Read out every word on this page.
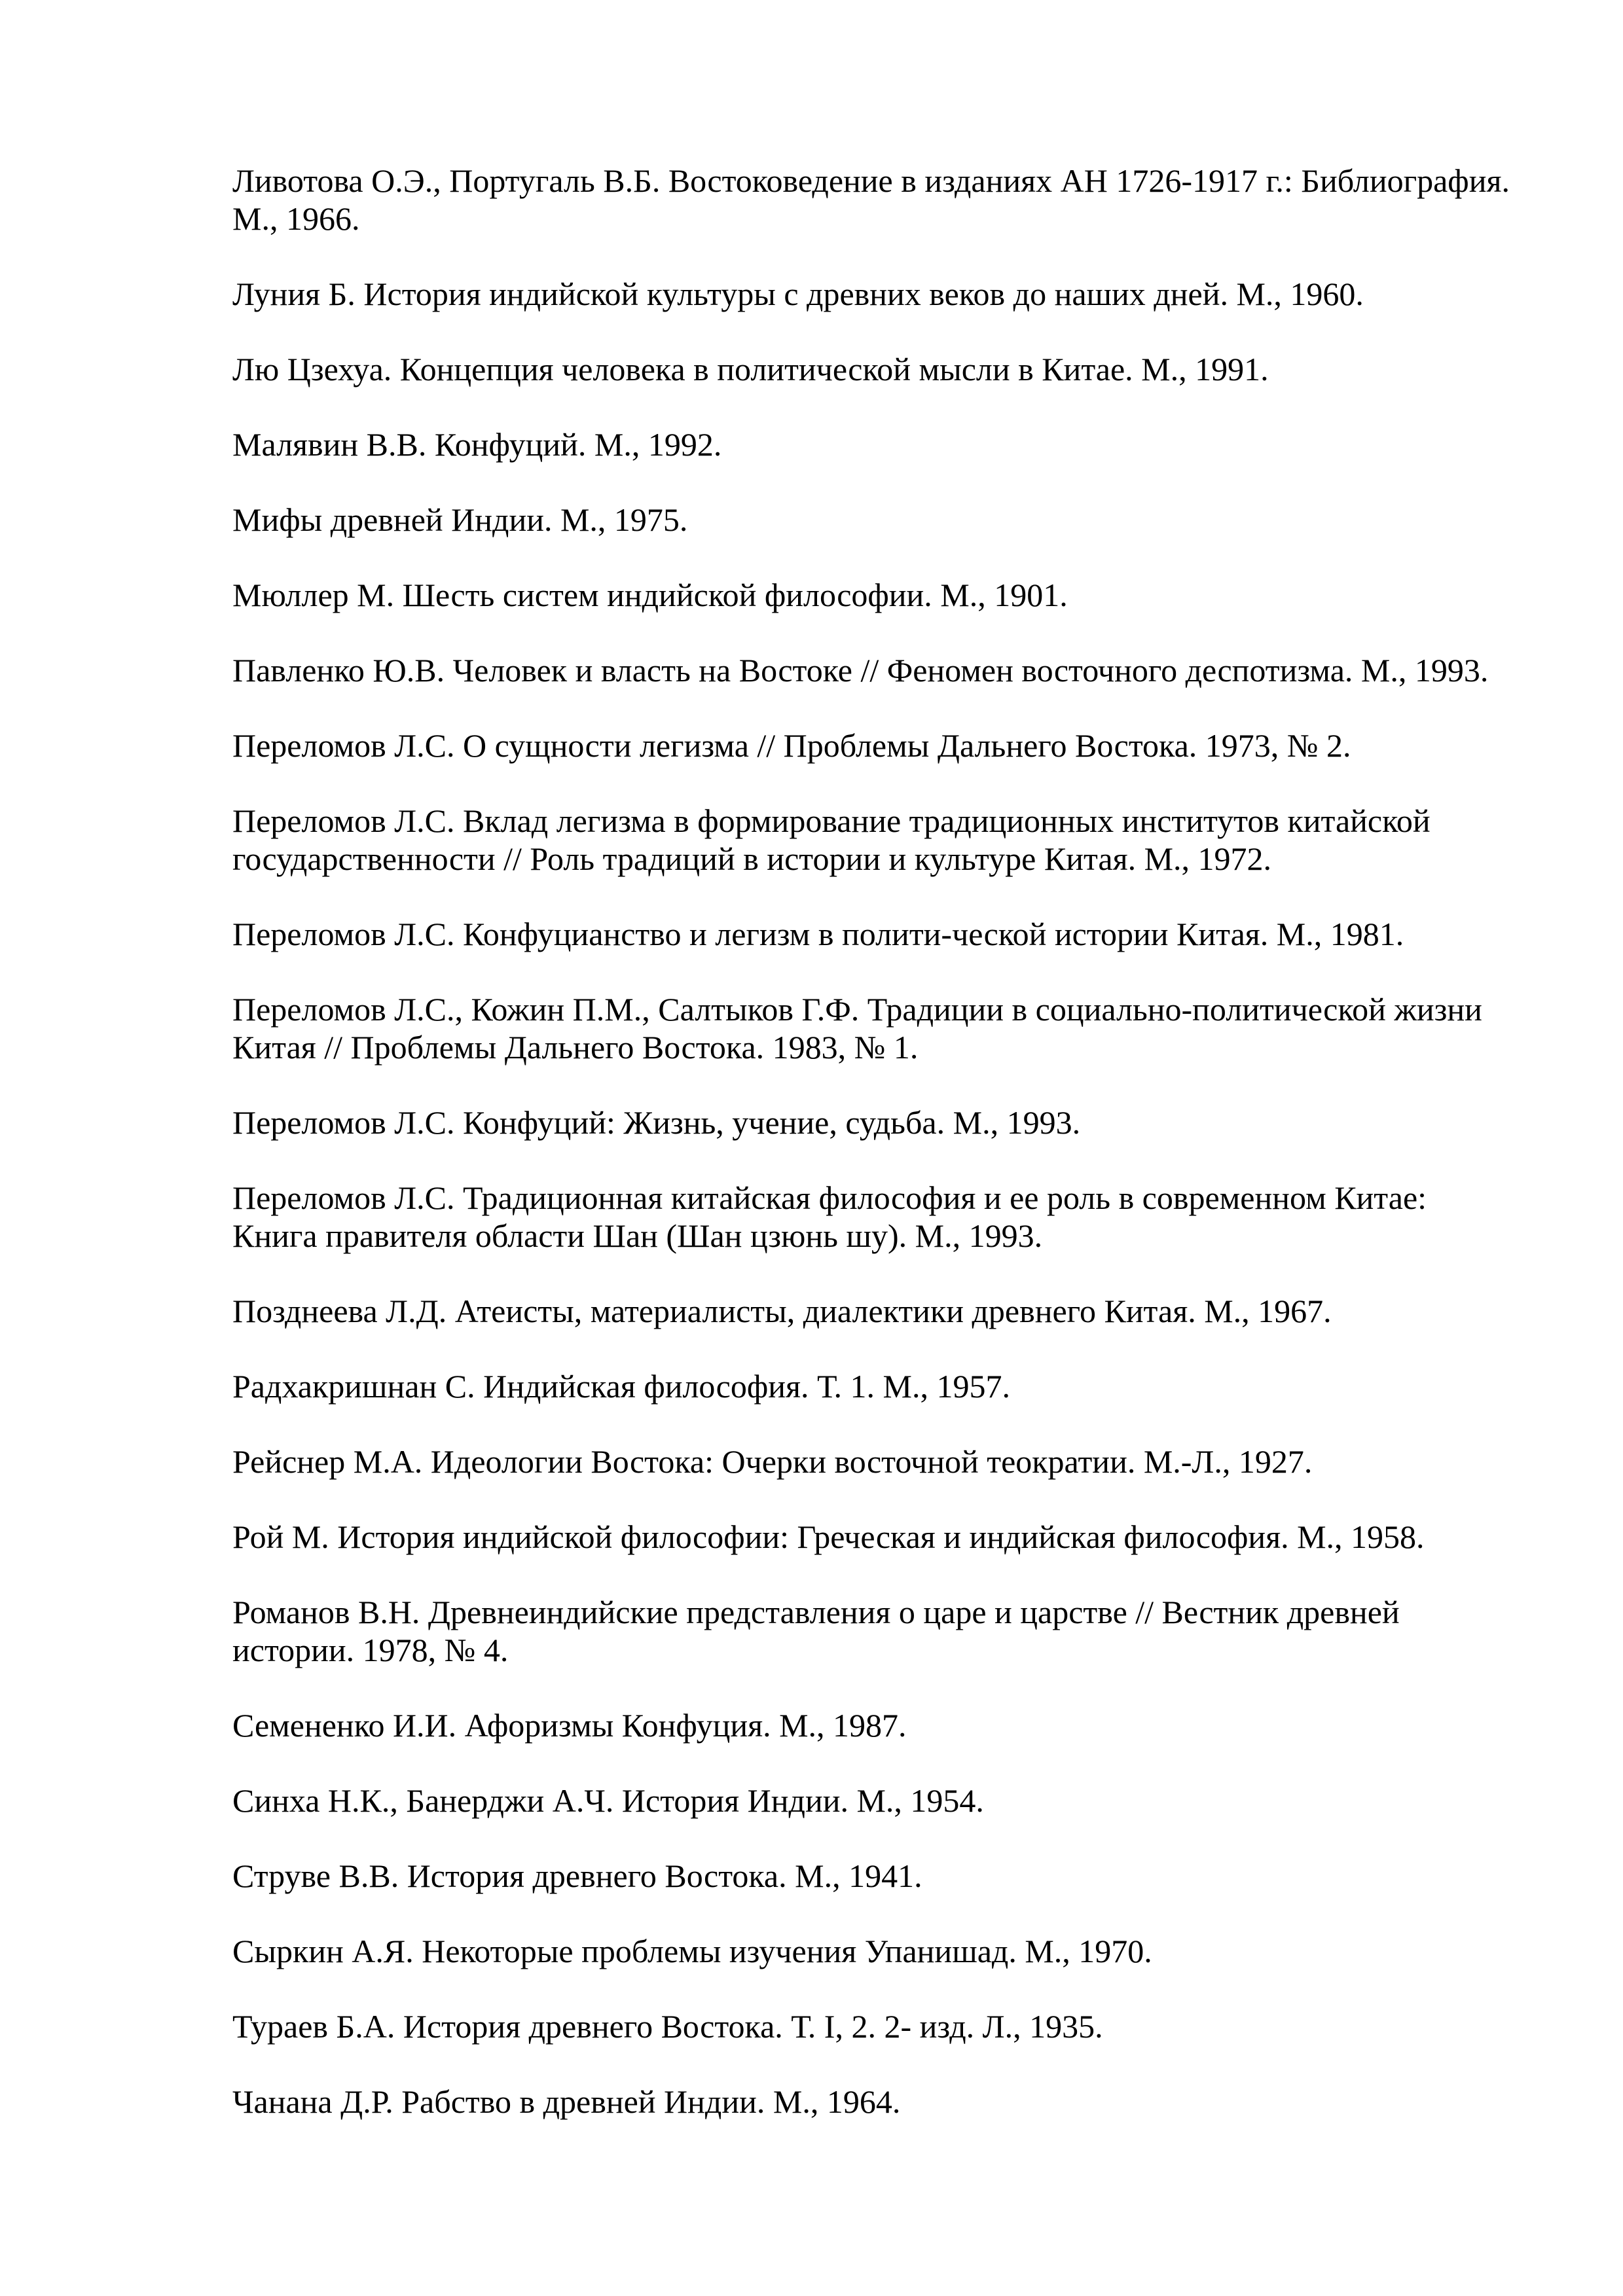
Ливотова О.Э., Португаль В.Б. Востоковедение в изданиях АН 1726-1917 г.: Библиография. М., 1966.

Луния Б. История индийской культуры с древних веков до наших дней. М., 1960.

Лю Цзехуа. Концепция человека в политической мысли в Китае. М., 1991.

Малявин В.В. Конфуций. М., 1992.

Мифы древней Индии. М., 1975.

Мюллер М. Шесть систем индийской философии. М., 1901.

Павленко Ю.В. Человек и власть на Востоке // Феномен восточного деспотизма. М., 1993.

Переломов Л.С. О сущности легизма // Проблемы Дальнего Востока. 1973, № 2.

Переломов Л.С. Вклад легизма в формирование традиционных институтов китайской государственности // Роль традиций в истории и культуре Китая. М., 1972.

Переломов Л.С. Конфуцианство и легизм в полити-ческой истории Китая. М., 1981.

Переломов Л.С., Кожин П.М., Салтыков Г.Ф. Традиции в социально-политической жизни Китая // Проблемы Дальнего Востока. 1983, № 1.

Переломов Л.С. Конфуций: Жизнь, учение, судьба. М., 1993.

Переломов Л.С. Традиционная китайская философия и ее роль в современном Китае: Книга правителя области Шан (Шан цзюнь шу). М., 1993.

Позднеева Л.Д. Атеисты, материалисты, диалектики древнего Китая. М., 1967.

Радхакришнан С. Индийская философия. Т. 1. М., 1957.

Рейснер М.А. Идеологии Востока: Очерки восточной теократии. М.-Л., 1927.

Рой М. История индийской философии: Греческая и индийская философия. М., 1958.

Романов В.Н. Древнеиндийские представления о царе и царстве // Вестник древней истории. 1978, № 4.

Семененко И.И. Афоризмы Конфуция. М., 1987.

Синха Н.К., Банерджи А.Ч. История Индии. М., 1954.

Струве В.В. История древнего Востока. М., 1941.

Сыркин А.Я. Некоторые проблемы изучения Упанишад. М., 1970.

Тураев Б.А. История древнего Востока. Т. I, 2. 2- изд. Л., 1935.

Чанана Д.Р. Рабство в древней Индии. М., 1964.
